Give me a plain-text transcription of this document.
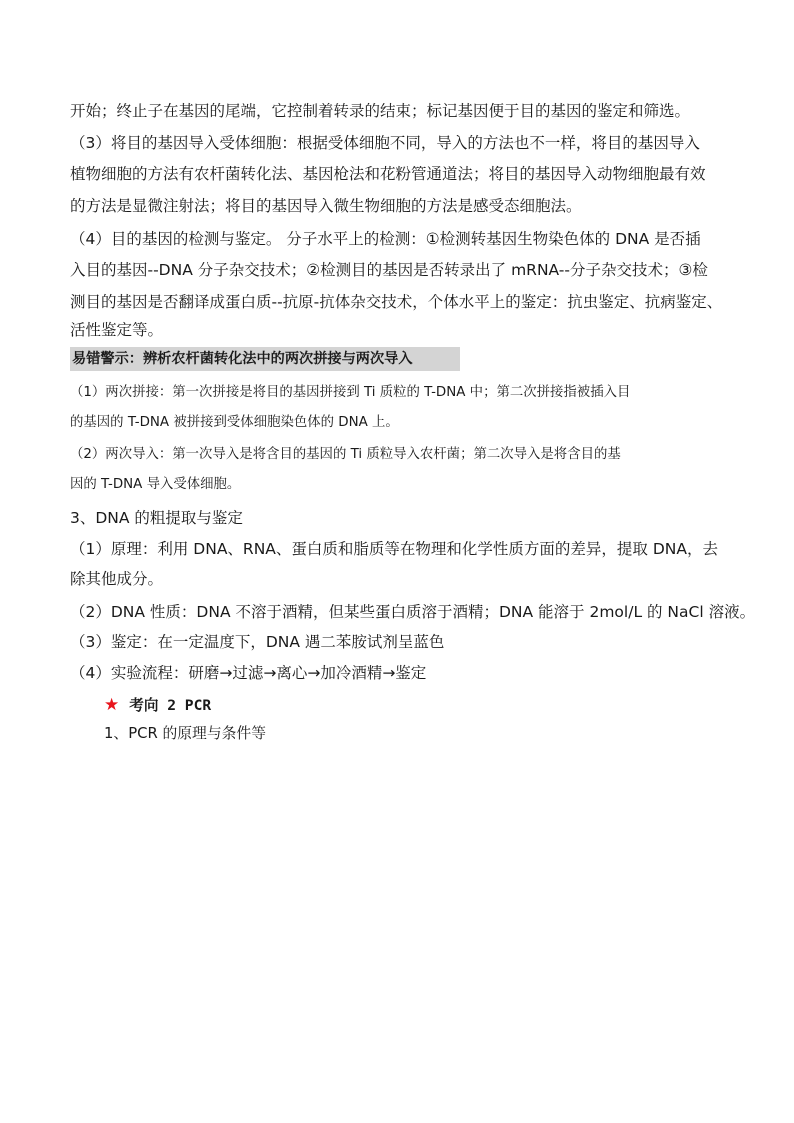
开始；终止子在基因的尾端，它控制着转录的结束；标记基因便于目的基因的鉴定和筛选。
（3）将目的基因导入受体细胞：根据受体细胞不同，导入的方法也不一样，将目的基因导入
植物细胞的方法有农杆菌转化法、基因枪法和花粉管通道法；将目的基因导入动物细胞最有效
的方法是显微注射法；将目的基因导入微生物细胞的方法是感受态细胞法。
（4）目的基因的检测与鉴定。 分子水平上的检测：①检测转基因生物染色体的 DNA 是否插
入目的基因--DNA 分子杂交技术；②检测目的基因是否转录出了 mRNA--分子杂交技术；③检
测目的基因是否翻译成蛋白质--抗原-抗体杂交技术，个体水平上的鉴定：抗虫鉴定、抗病鉴定、
活性鉴定等。
易错警示：辨析农杆菌转化法中的两次拼接与两次导入
（1）两次拼接：第一次拼接是将目的基因拼接到 Ti 质粒的 T-DNA 中；第二次拼接指被插入目
的基因的 T-DNA 被拼接到受体细胞染色体的 DNA 上。
（2）两次导入：第一次导入是将含目的基因的 Ti 质粒导入农杆菌；第二次导入是将含目的基
因的 T-DNA 导入受体细胞。
3、DNA 的粗提取与鉴定
（1）原理：利用 DNA、RNA、蛋白质和脂质等在物理和化学性质方面的差异，提取 DNA，去
除其他成分。
（2）DNA 性质：DNA 不溶于酒精，但某些蛋白质溶于酒精；DNA 能溶于 2mol/L 的 NaCl 溶液。
（3）鉴定：在一定温度下，DNA 遇二苯胺试剂呈蓝色
（4）实验流程：研磨→过滤→离心→加冷酒精→鉴定
★ 考向 2 PCR
1、PCR 的原理与条件等
